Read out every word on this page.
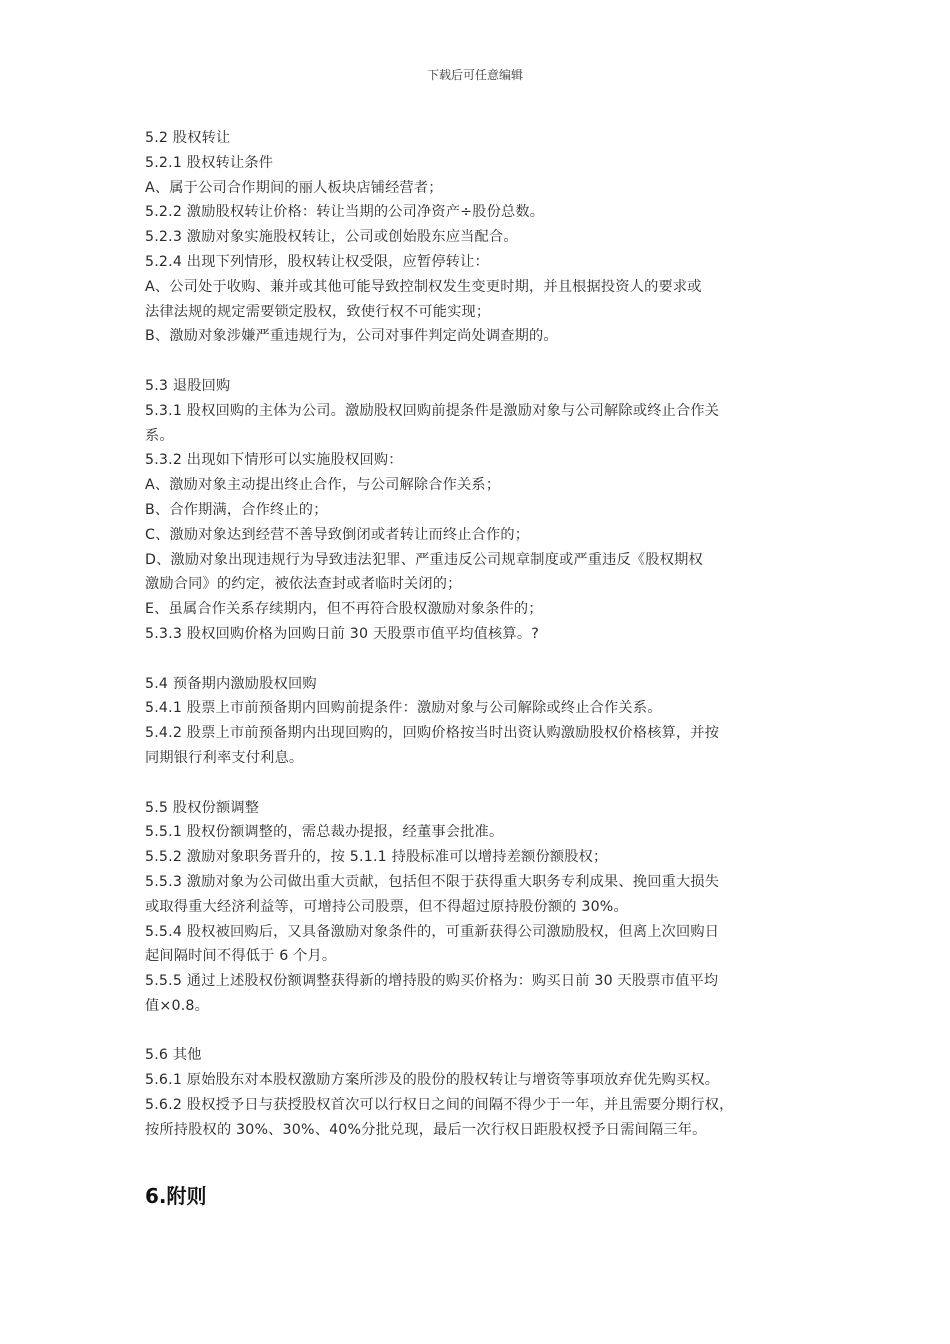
下载后可任意编辑
5.2 股权转让
5.2.1 股权转让条件
A、属于公司合作期间的丽人板块店铺经营者；
5.2.2 激励股权转让价格：转让当期的公司净资产÷股份总数。
5.2.3 激励对象实施股权转让，公司或创始股东应当配合。
5.2.4 出现下列情形，股权转让权受限，应暂停转让：
A、公司处于收购、兼并或其他可能导致控制权发生变更时期，并且根据投资人的要求或
法律法规的规定需要锁定股权，致使行权不可能实现；
B、激励对象涉嫌严重违规行为，公司对事件判定尚处调查期的。
5.3 退股回购
5.3.1 股权回购的主体为公司。激励股权回购前提条件是激励对象与公司解除或终止合作关
系。
5.3.2 出现如下情形可以实施股权回购：
A、激励对象主动提出终止合作，与公司解除合作关系；
B、合作期满，合作终止的；
C、激励对象达到经营不善导致倒闭或者转让而终止合作的；
D、激励对象出现违规行为导致违法犯罪、严重违反公司规章制度或严重违反《股权期权
激励合同》的约定，被依法查封或者临时关闭的；
E、虽属合作关系存续期内，但不再符合股权激励对象条件的；
5.3.3 股权回购价格为回购日前 30 天股票市值平均值核算。?
5.4 预备期内激励股权回购
5.4.1 股票上市前预备期内回购前提条件：激励对象与公司解除或终止合作关系。
5.4.2 股票上市前预备期内出现回购的，回购价格按当时出资认购激励股权价格核算，并按
同期银行利率支付利息。
5.5 股权份额调整
5.5.1 股权份额调整的，需总裁办提报，经董事会批准。
5.5.2 激励对象职务晋升的，按 5.1.1 持股标准可以增持差额份额股权；
5.5.3 激励对象为公司做出重大贡献，包括但不限于获得重大职务专利成果、挽回重大损失
或取得重大经济利益等，可增持公司股票，但不得超过原持股份额的 30%。
5.5.4 股权被回购后，又具备激励对象条件的，可重新获得公司激励股权，但离上次回购日
起间隔时间不得低于 6 个月。
5.5.5 通过上述股权份额调整获得新的增持股的购买价格为：购买日前 30 天股票市值平均
值×0.8。
5.6 其他
5.6.1 原始股东对本股权激励方案所涉及的股份的股权转让与增资等事项放弃优先购买权。
5.6.2 股权授予日与获授股权首次可以行权日之间的间隔不得少于一年，并且需要分期行权，
按所持股权的 30%、30%、40%分批兑现，最后一次行权日距股权授予日需间隔三年。
6.附则
